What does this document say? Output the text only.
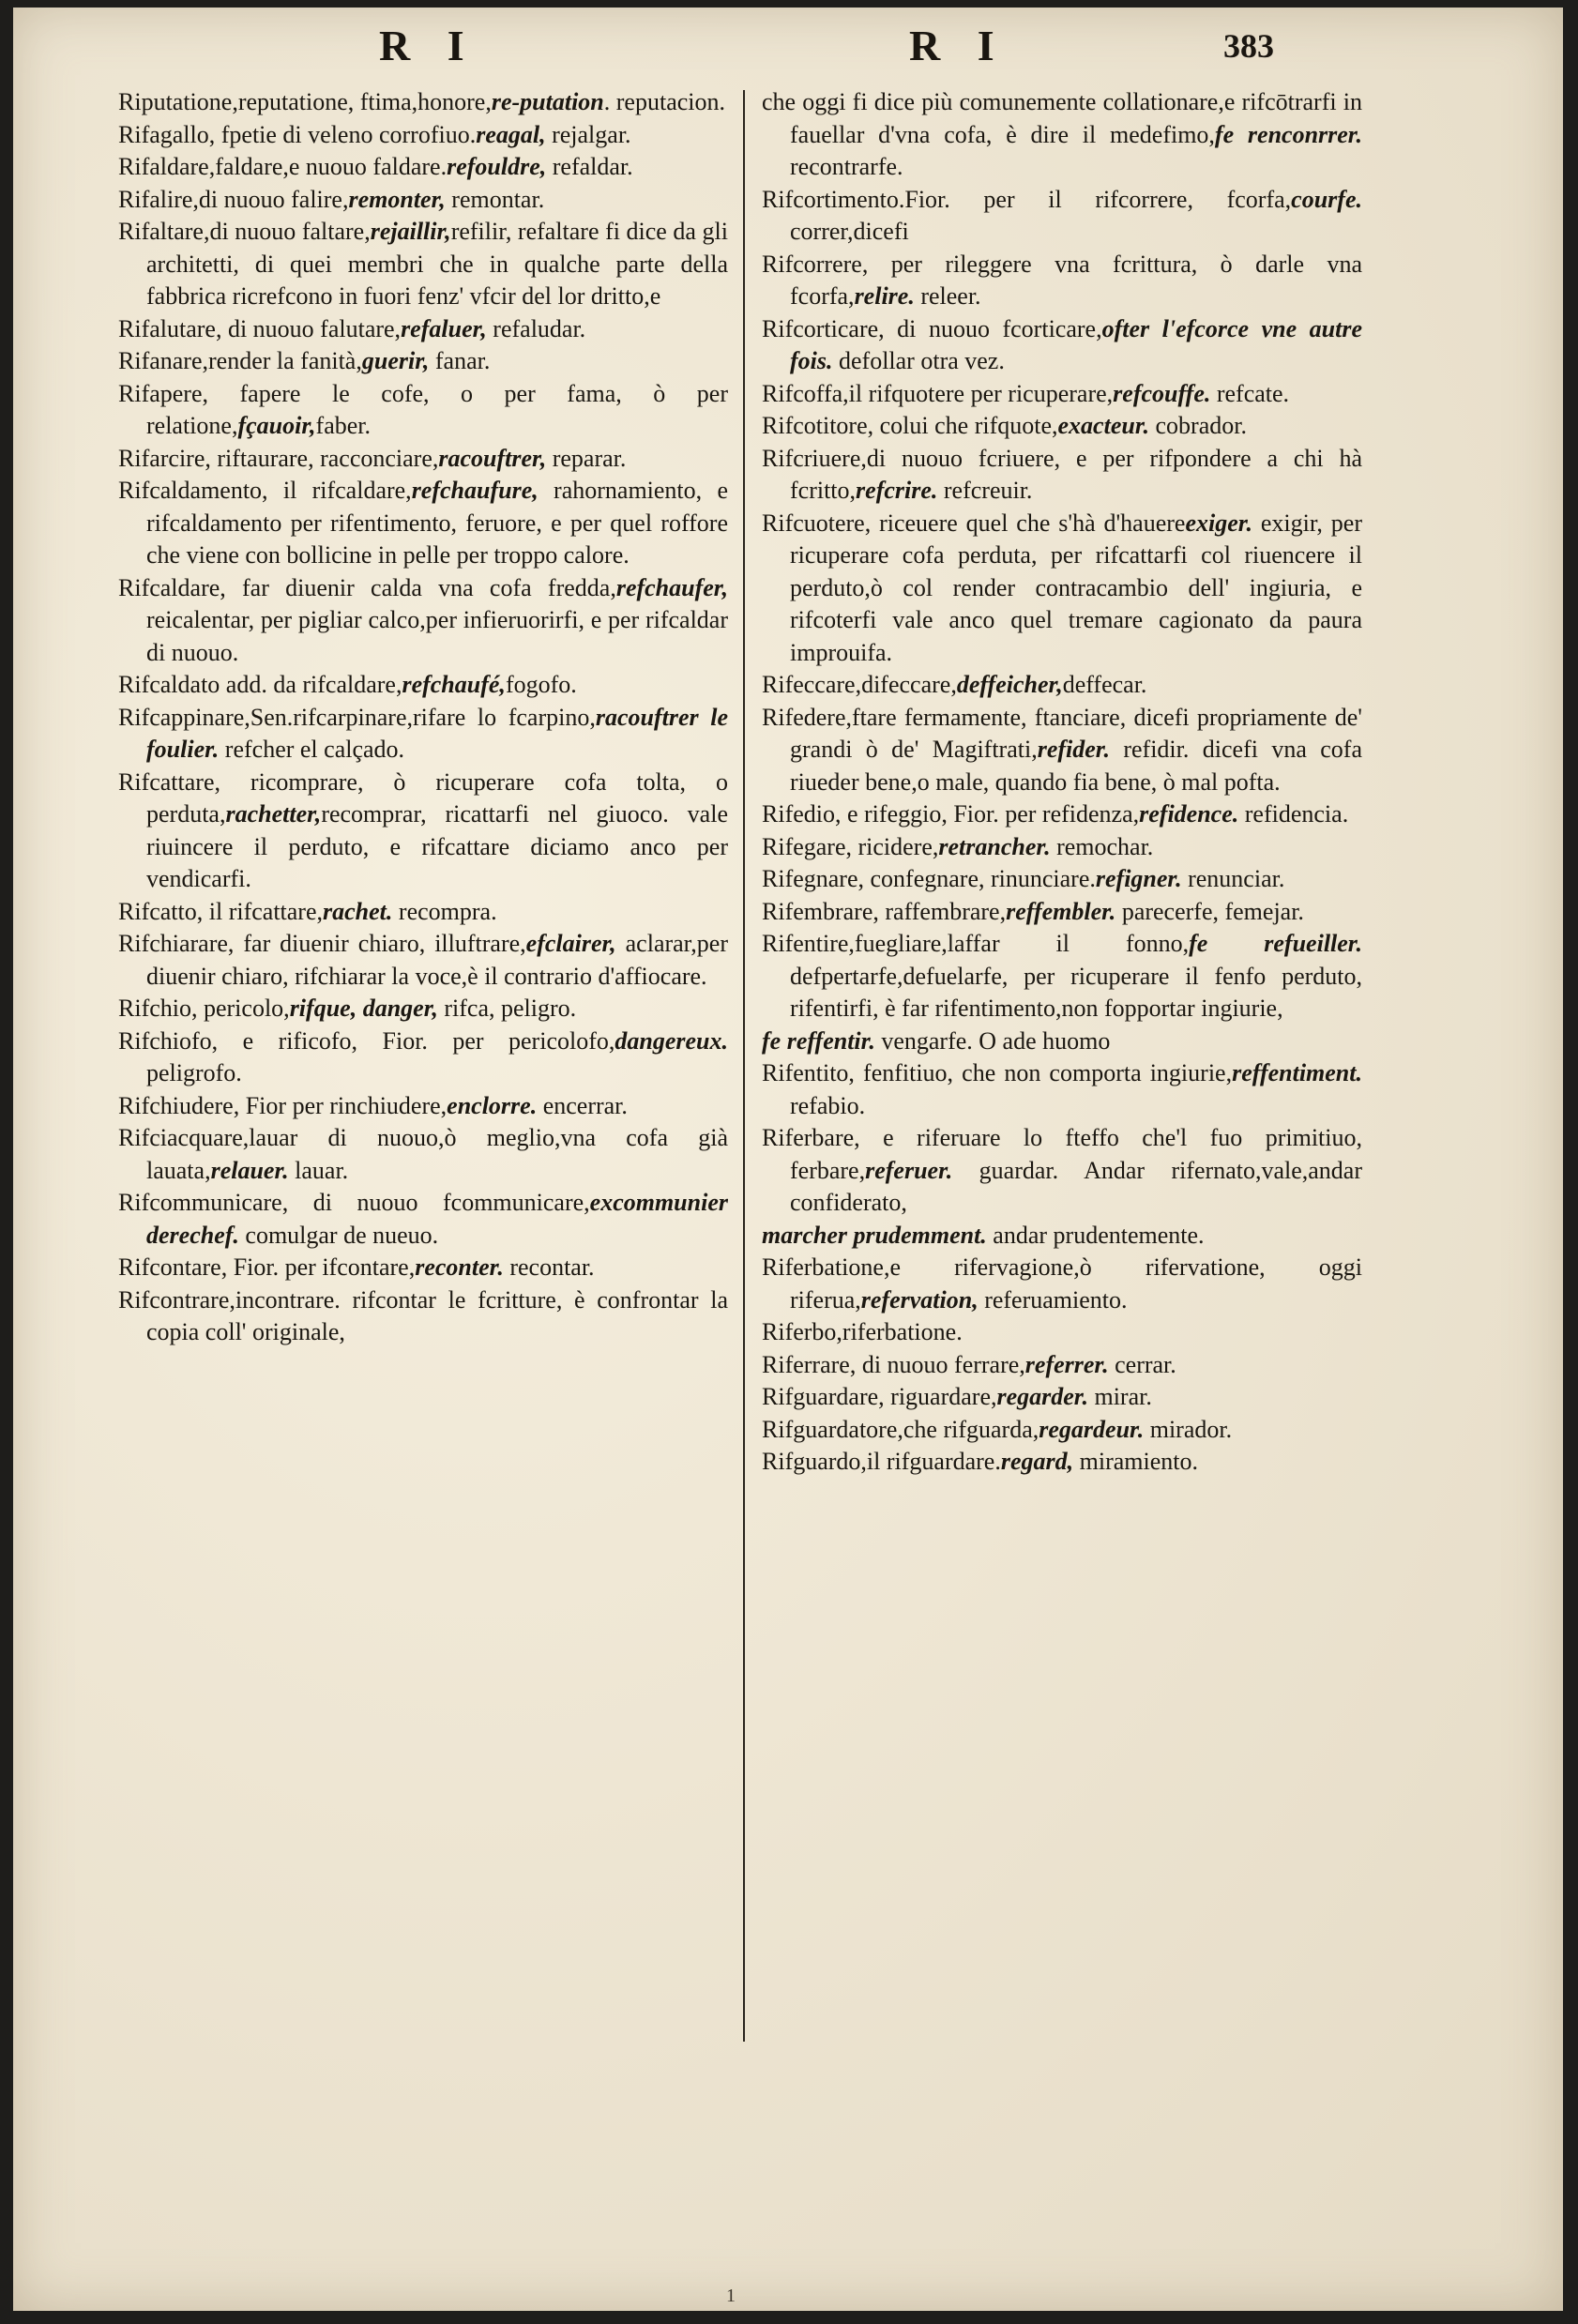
R I	R I	383

Riputatione,reputatione, ftima,honore,re-putation. reputacion.

Rifagallo, fpetie di veleno corrofiuo.reagal, rejalgar.

Rifaldare,faldare,e nuouo faldare.refouldre, refaldar.

Rifalire,di nuouo falire,remonter, remontar.

Rifaltare,di nuouo faltare,rejaillir,refilir, refaltare fi dice da gli architetti, di quei membri che in qualche parte della fabbrica ricrefcono in fuori fenz' vfcir del lor dritto,e

Rifalutare, di nuouo falutare,refaluer, refaludar.

Rifanare,render la fanità,guerir, fanar.

Rifapere, fapere le cofe, o per fama, ò per relatione,fçauoir,faber.

Rifarcire, riftaurare, racconciare,racouftrer, reparar.

Rifcaldamento, il rifcaldare,refchaufure, rahornamiento, e rifcaldamento per rifentimento, feruore, e per quel roffore che viene con bollicine in pelle per troppo calore.

Rifcaldare, far diuenir calda vna cofa fredda,refchaufer, reicalentar, per pigliar calco,per infieruorirfi, e per rifcaldar di nuouo.

Rifcaldato add. da rifcaldare,refchaufé,fogofo.

Rifcappinare,Sen.rifcarpinare,rifare lo fcarpino,racouftrer le foulier. refcher el calçado.

Rifcattare, ricomprare, ò ricuperare cofa tolta, o perduta,rachetter,recomprar, ricattarfi nel giuoco. vale riuincere il perduto, e rifcattare diciamo anco per vendicarfi.

Rifcatto, il rifcattare,rachet. recompra.

Rifchiarare, far diuenir chiaro, illuftrare,efclairer, aclarar,per diuenir chiaro, rifchiarar la voce,è il contrario d'affiocare.

Rifchio, pericolo,rifque, danger, rifca, peligro.

Rifchiofo, e rificofo, Fior. per pericolofo,dangereux. peligrofo.

Rifchiudere, Fior per rinchiudere,enclorre. encerrar.

Rifciacquare,lauar di nuouo,ò meglio,vna cofa già lauata,relauer. lauar.

Rifcommunicare, di nuouo fcommunicare,excommunier derechef. comulgar de nueuo.

Rifcontare, Fior. per ifcontare,reconter. recontar.

Rifcontrare,incontrare. rifcontar le fcritture, è confrontar la copia coll' originale,

che oggi fi dice più comunemente collationare,e rifcōtrarfi in fauellar d'vna cofa, è dire il medefimo,fe renconrrer. recontrarfe.

Rifcortimento.Fior. per il rifcorrere, fcorfa,courfe. correr,dicefi

Rifcorrere, per rileggere vna fcrittura, ò darle vna fcorfa,relire. releer.

Rifcorticare, di nuouo fcorticare,ofter l'efcorce vne autre fois. defollar otra vez.

Rifcoffa,il rifquotere per ricuperare,refcouffe. refcate.

Rifcotitore, colui che rifquote,exacteur. cobrador.

Rifcriuere,di nuouo fcriuere, e per rifpondere a chi hà fcritto,refcrire. refcreuir.

Rifcuotere, riceuere quel che s'hà d'hauereexiger. exigir, per ricuperare cofa perduta, per rifcattarfi col riuencere il perduto,ò col render contracambio dell' ingiuria, e rifcoterfi vale anco quel tremare cagionato da paura improuifa.

Rifeccare,difeccare,deffeicher,deffecar.

Rifedere,ftare fermamente, ftanciare, dicefi propriamente de' grandi ò de' Magiftrati,refider. refidir. dicefi vna cofa riueder bene,o male, quando fia bene, ò mal pofta.

Rifedio, e rifeggio, Fior. per refidenza,refidence. refidencia.

Rifegare, ricidere,retrancher. remochar.

Rifegnare, confegnare, rinunciare.refigner. renunciar.

Rifembrare, raffembrare,reffembler. parecerfe, femejar.

Rifentire,fuegliare,laffar il fonno,fe refueiller. defpertarfe,defuelarfe, per ricuperare il fenfo perduto, rifentirfi, è far rifentimento,non fopportar ingiurie,

fe reffentir. vengarfe. O ade huomo

Rifentito, fenfitiuo, che non comporta ingiurie,reffentiment. refabio.

Riferbare, e riferuare lo fteffo che'l fuo primitiuo, ferbare,referuer. guardar. Andar rifernato,vale,andar confiderato,

marcher prudemment. andar prudentemente.

Riferbatione,e rifervagione,ò rifervatione, oggi riferua,refervation, referuamiento.

Riferbo,riferbatione.

Riferrare, di nuouo ferrare,referrer. cerrar.

Rifguardare, riguardare,regarder. mirar.

Rifguardatore,che rifguarda,regardeur. mirador.

Rifguardo,il rifguardare.regard, miramiento.

1
